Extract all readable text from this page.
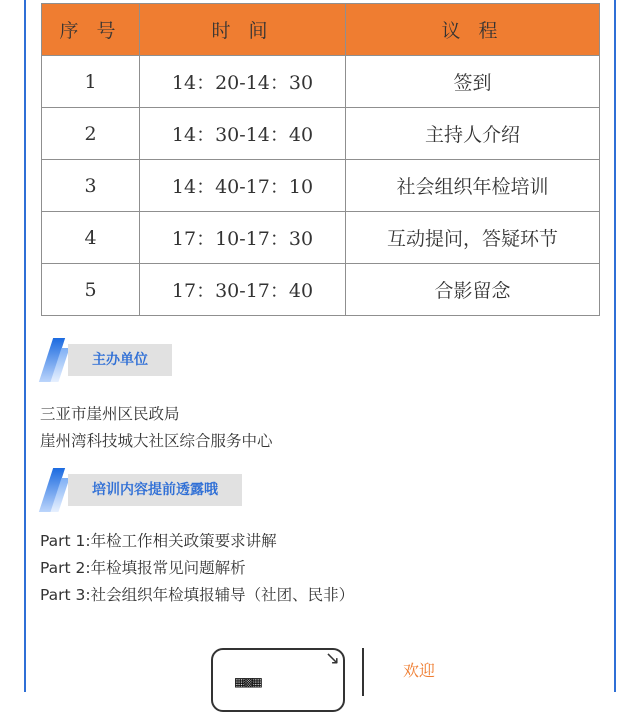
序 号	时 间	议 程
1	14：20-14：30	签到
2	14：30-14：40	主持人介绍
3	14：40-17：10	社会组织年检培训
4	17：10-17：30	互动提问，答疑环节
5	17：30-17：40	合影留念
主办单位
三亚市崖州区民政局
崖州湾科技城大社区综合服务中心
培训内容提前透露哦
Part 1:年检工作相关政策要求讲解
Part 2:年检填报常见问题解析
Part 3:社会组织年检填报辅导（社团、民非）
▦▩▦
↘
欢迎
